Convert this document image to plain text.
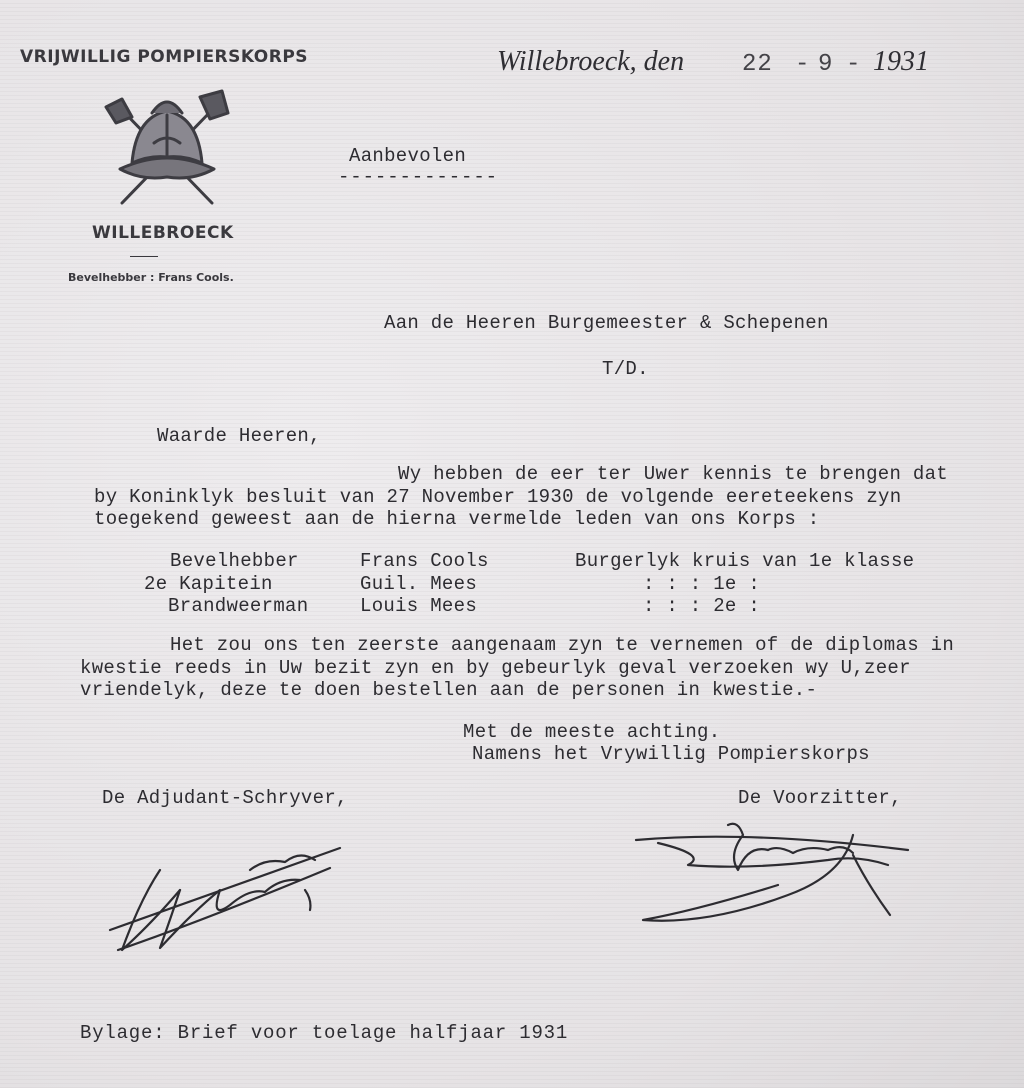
VRIJWILLIG POMPIERSKORPS
WILLEBROECK
Bevelhebber : Frans Cools.
Willebroeck, den 22 - 9 - 1931
Aanbevolen
-------------
Aan de Heeren Burgemeester & Schepenen
T/D.
Waarde Heeren,
Wy hebben de eer ter Uwer kennis te brengen dat
by Koninklyk besluit van 27 November 1930 de volgende eereteekens zyn
toegekend geweest aan de hierna vermelde leden van ons Korps :
Bevelhebber	Frans Cools	Burgerlyk kruis van 1e klasse
2e Kapitein	Guil. Mees	: : : 1e :
Brandweerman	Louis Mees	: : : 2e :
Het zou ons ten zeerste aangenaam zyn te vernemen of de diplomas in
kwestie reeds in Uw bezit zyn en by gebeurlyk geval verzoeken wy U,zeer
vriendelyk, deze te doen bestellen aan de personen in kwestie.-
Met de meeste achting.
Namens het Vrywillig Pompierskorps
De Adjudant-Schryver,	De Voorzitter,
Bylage: Brief voor toelage halfjaar 1931
